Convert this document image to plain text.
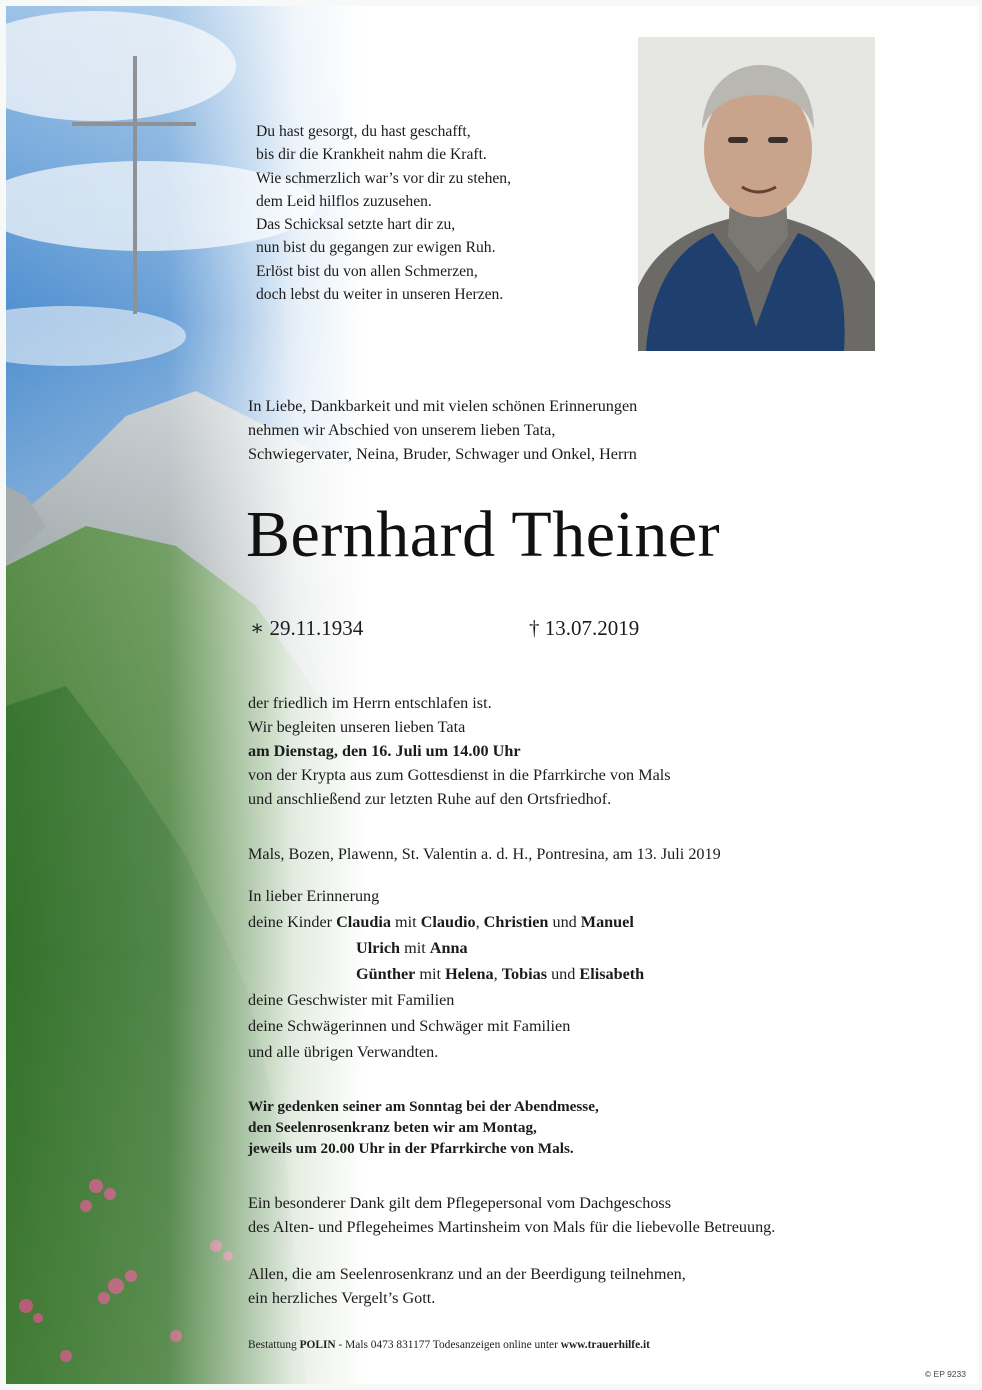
Du hast gesorgt, du hast geschafft,
bis dir die Krankheit nahm die Kraft.
Wie schmerzlich war’s vor dir zu stehen,
dem Leid hilflos zuzusehen.
Das Schicksal setzte hart dir zu,
nun bist du gegangen zur ewigen Ruh.
Erlöst bist du von allen Schmerzen,
doch lebst du weiter in unseren Herzen.
In Liebe, Dankbarkeit und mit vielen schönen Erinnerungen
nehmen wir Abschied von unserem lieben Tata,
Schwiegervater, Neina, Bruder, Schwager und Onkel, Herrn
Bernhard Theiner
∗ 29.11.1934	† 13.07.2019
der friedlich im Herrn entschlafen ist.
Wir begleiten unseren lieben Tata
am Dienstag, den 16. Juli um 14.00 Uhr
von der Krypta aus zum Gottesdienst in die Pfarrkirche von Mals
und anschließend zur letzten Ruhe auf den Ortsfriedhof.
Mals, Bozen, Plawenn, St. Valentin a. d. H., Pontresina, am 13. Juli 2019
In lieber Erinnerung
deine Kinder Claudia mit Claudio, Christien und Manuel
Ulrich mit Anna
Günther mit Helena, Tobias und Elisabeth
deine Geschwister mit Familien
deine Schwägerinnen und Schwäger mit Familien
und alle übrigen Verwandten.
Wir gedenken seiner am Sonntag bei der Abendmesse,
den Seelenrosenkranz beten wir am Montag,
jeweils um 20.00 Uhr in der Pfarrkirche von Mals.
Ein besonderer Dank gilt dem Pflegepersonal vom Dachgeschoss
des Alten- und Pflegeheimes Martinsheim von Mals für die liebevolle Betreuung.
Allen, die am Seelenrosenkranz und an der Beerdigung teilnehmen,
ein herzliches Vergelt’s Gott.
Bestattung POLIN - Mals 0473 831177 Todesanzeigen online unter www.trauerhilfe.it
© EP 9233
